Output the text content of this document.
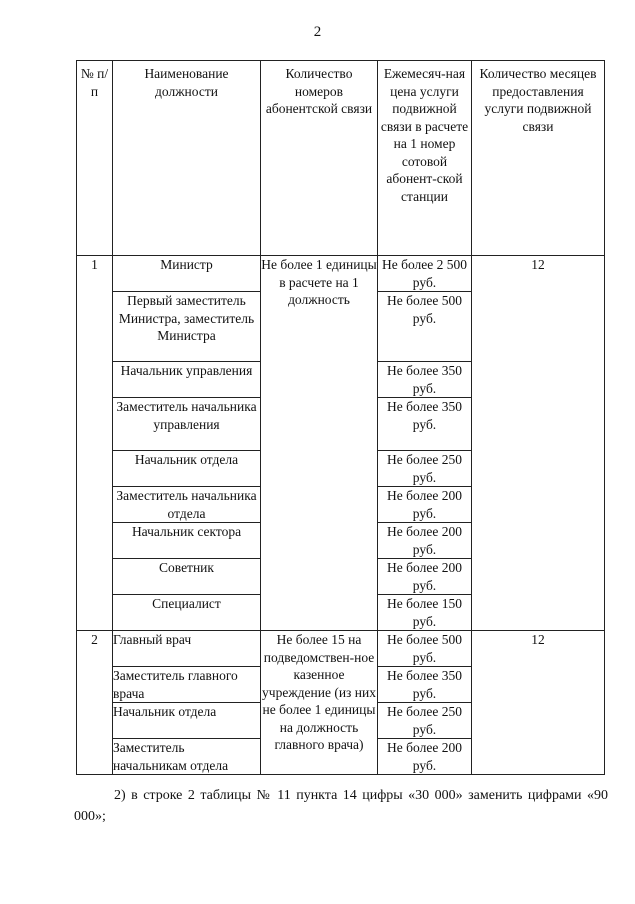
2
№ п/п	Наименование должности	Количество номеров абонентской связи	Ежемесяч-ная цена услуги подвижной связи в расчете на 1 номер сотовой абонент-ской станции	Количество месяцев предоставления услуги подвижной связи
1	Министр	Не более 1 единицы в расчете на 1 должность	Не более 2 500 руб.	12
	Первый заместитель Министра, заместитель Министра		Не более 500 руб.	
	Начальник управления		Не более 350 руб.	
	Заместитель начальника управления		Не более 350 руб.	
	Начальник отдела		Не более 250 руб.	
	Заместитель начальника отдела		Не более 200 руб.	
	Начальник сектора		Не более 200 руб.	
	Советник		Не более 200 руб.	
	Специалист		Не более 150 руб.	
2	Главный врач	Не более 15 на подведомствен-ное казенное учреждение (из них не более 1 единицы на должность главного врача)	Не более 500 руб.	12
	Заместитель главного врача		Не более 350 руб.	
	Начальник отдела		Не более 250 руб.	
	Заместитель начальникам отдела		Не более 200 руб.	
2) в строке 2 таблицы № 11 пункта 14 цифры «30 000» заменить цифрами «90 000»;
